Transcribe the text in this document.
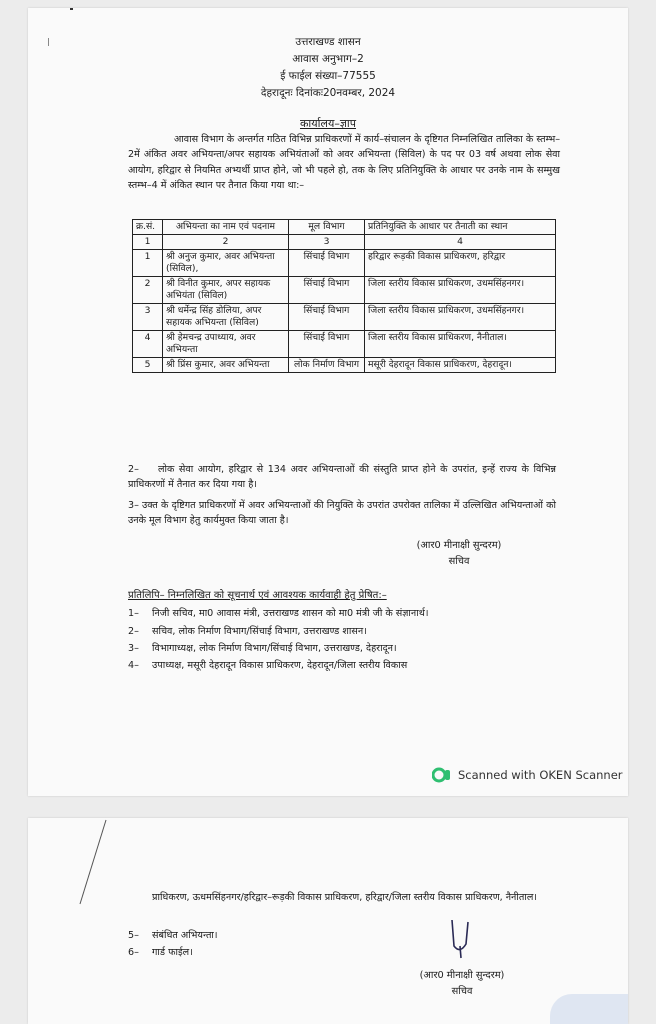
उत्तराखण्ड शासन
आवास अनुभाग–2
ई फाईल संख्या–77555
देहरादूनः दिनांकः20नवम्बर, 2024
कार्यालय–ज्ञाप
आवास विभाग के अन्तर्गत गठित विभिन्न प्राधिकरणों में कार्य–संचालन के दृष्टिगत निम्नलिखित तालिका के स्तम्भ–2में अंकित अवर अभियन्ता/अपर सहायक अभियंताओं को अवर अभियन्ता (सिविल) के पद पर 03 वर्ष अथवा लोक सेवा आयोग, हरिद्वार से नियमित अभ्यर्थी प्राप्त होने, जो भी पहले हो, तक के लिए प्रतिनियुक्ति के आधार पर उनके नाम के सम्मुख स्तम्भ–4 में अंकित स्थान पर तैनात किया गया था:–
क्र.सं.	अभियन्ता का नाम एवं पदनाम	मूल विभाग	प्रतिनियुक्ति के आधार पर तैनाती का स्थान
1	2	3	4
1	श्री अनुज कुमार, अवर अभियन्ता (सिविल),	सिंचाई विभाग	हरिद्वार रूड़की विकास प्राधिकरण, हरिद्वार
2	श्री विनीत कुमार, अपर सहायक अभियंता (सिविल)	सिंचाई विभाग	जिला स्तरीय विकास प्राधिकरण, उधमसिंहनगर।
3	श्री धर्मेन्द्र सिंह डोलिया, अपर सहायक अभियन्ता (सिविल)	सिंचाई विभाग	जिला स्तरीय विकास प्राधिकरण, उधमसिंहनगर।
4	श्री हेमचन्द्र उपाध्याय, अवर अभियन्ता	सिंचाई विभाग	जिला स्तरीय विकास प्राधिकरण, नैनीताल।
5	श्री प्रिंस कुमार, अवर अभियन्ता	लोक निर्माण विभाग	मसूरी देहरादून विकास प्राधिकरण, देहरादून।
2– लोक सेवा आयोग, हरिद्वार से 134 अवर अभियन्ताओं की संस्तुति प्राप्त होने के उपरांत, इन्हें राज्य के विभिन्न प्राधिकरणों में तैनात कर दिया गया है।
3– उक्त के दृष्टिगत प्राधिकरणों में अवर अभियन्ताओं की नियुक्ति के उपरांत उपरोक्त तालिका में उल्लिखित अभियन्ताओं को उनके मूल विभाग हेतु कार्यमुक्त किया जाता है।
(आर0 मीनाक्षी सुन्दरम)
सचिव
प्रतिलिपि– निम्नलिखित को सूचनार्थ एवं आवश्यक कार्यवाही हेतु प्रेषित:–
1– निजी सचिव, मा0 आवास मंत्री, उत्तराखण्ड शासन को मा0 मंत्री जी के संज्ञानार्थ।
2– सचिव, लोक निर्माण विभाग/सिंचाई विभाग, उत्तराखण्ड शासन।
3– विभागाध्यक्ष, लोक निर्माण विभाग/सिंचाई विभाग, उत्तराखण्ड, देहरादून।
4– उपाध्यक्ष, मसूरी देहरादून विकास प्राधिकरण, देहरादून/जिला स्तरीय विकास
Scanned with OKEN Scanner
प्राधिकरण, ऊधमसिंहनगर/हरिद्वार–रूड़की विकास प्राधिकरण, हरिद्वार/जिला स्तरीय विकास प्राधिकरण, नैनीताल।
5– संबंधित अभियन्ता।
6– गार्ड फाईल।
(आर0 मीनाक्षी सुन्दरम)
सचिव
